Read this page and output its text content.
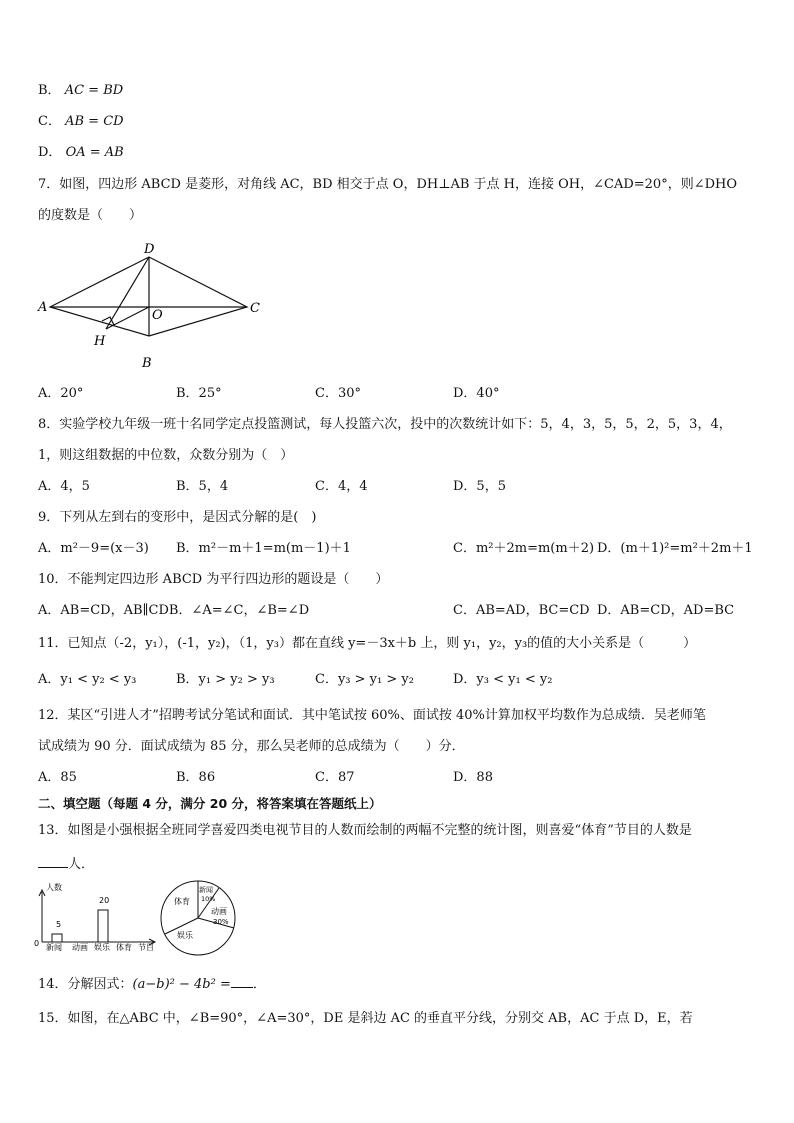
B． AC = BD
C． AB = CD
D． OA = AB
7．如图，四边形 ABCD 是菱形，对角线 AC，BD 相交于点 O，DH⊥AB 于点 H，连接 OH，∠CAD=20°，则∠DHO
的度数是（　　）
D
A	C
O
H
B
A．20°	B．25°	C．30°	D．40°
8．实验学校九年级一班十名同学定点投篮测试，每人投篮六次，投中的次数统计如下：5，4，3，5，5，2，5，3，4，
1，则这组数据的中位数，众数分别为（　）
A．4，5	B．5，4	C．4，4	D．5，5
9．下列从左到右的变形中，是因式分解的是(　)
A．m²－9=(x－3) B．m²－m＋1=m(m－1)＋1	C．m²＋2m=m(m＋2) D．(m＋1)²=m²＋2m＋1
10．不能判定四边形 ABCD 为平行四边形的题设是（　　）
A．AB=CD，AB∥CDB．∠A=∠C，∠B=∠D	C．AB=AD，BC=CD D．AB=CD，AD=BC
11．已知点（-2，y₁），(-1，y₂)，（1，y₃）都在直线 y=－3x＋b 上，则 y₁，y₂，y₃的值的大小关系是（　　　）
A．y₁ < y₂ < y₃	B．y₁ > y₂ > y₃	C．y₃ > y₁ > y₂	D．y₃ < y₁ < y₂
12．某区“引进人才”招聘考试分笔试和面试．其中笔试按 60%、面试按 40%计算加权平均数作为总成绩．吴老师笔
试成绩为 90 分．面试成绩为 85 分，那么吴老师的总成绩为（　　）分．
A．85	B．86	C．87	D．88
二、填空题（每题 4 分，满分 20 分，将答案填在答题纸上）
13．如图是小强根据全班同学喜爱四类电视节目的人数而绘制的两幅不完整的统计图，则喜爱“体育”节目的人数是
人．
人数
0 新闻 动画 娱乐 体育 节目
5
20	体育
新闻
10%
动画
30%
娱乐
14．分解因式：(a−b)² − 4b² = ．
15．如图，在△ABC 中，∠B=90°，∠A=30°，DE 是斜边 AC 的垂直平分线，分别交 AB，AC 于点 D，E，若
